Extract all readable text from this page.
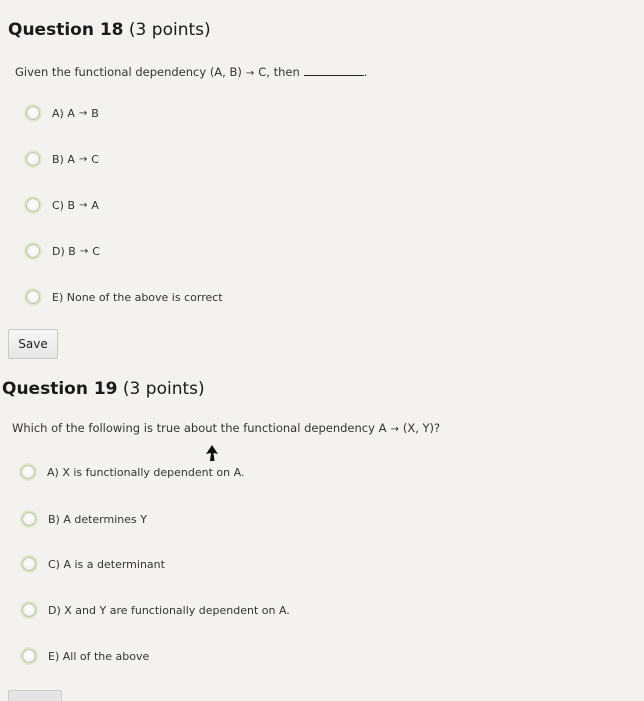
Question 18 (3 points)
Given the functional dependency (A, B) → C, then	.
A) A → B
B) A → C
C) B → A
D) B → C
E) None of the above is correct
Save
Question 19 (3 points)
Which of the following is true about the functional dependency A → (X, Y)?
A) X is functionally dependent on A.
B) A determines Y
C) A is a determinant
D) X and Y are functionally dependent on A.
E) All of the above
